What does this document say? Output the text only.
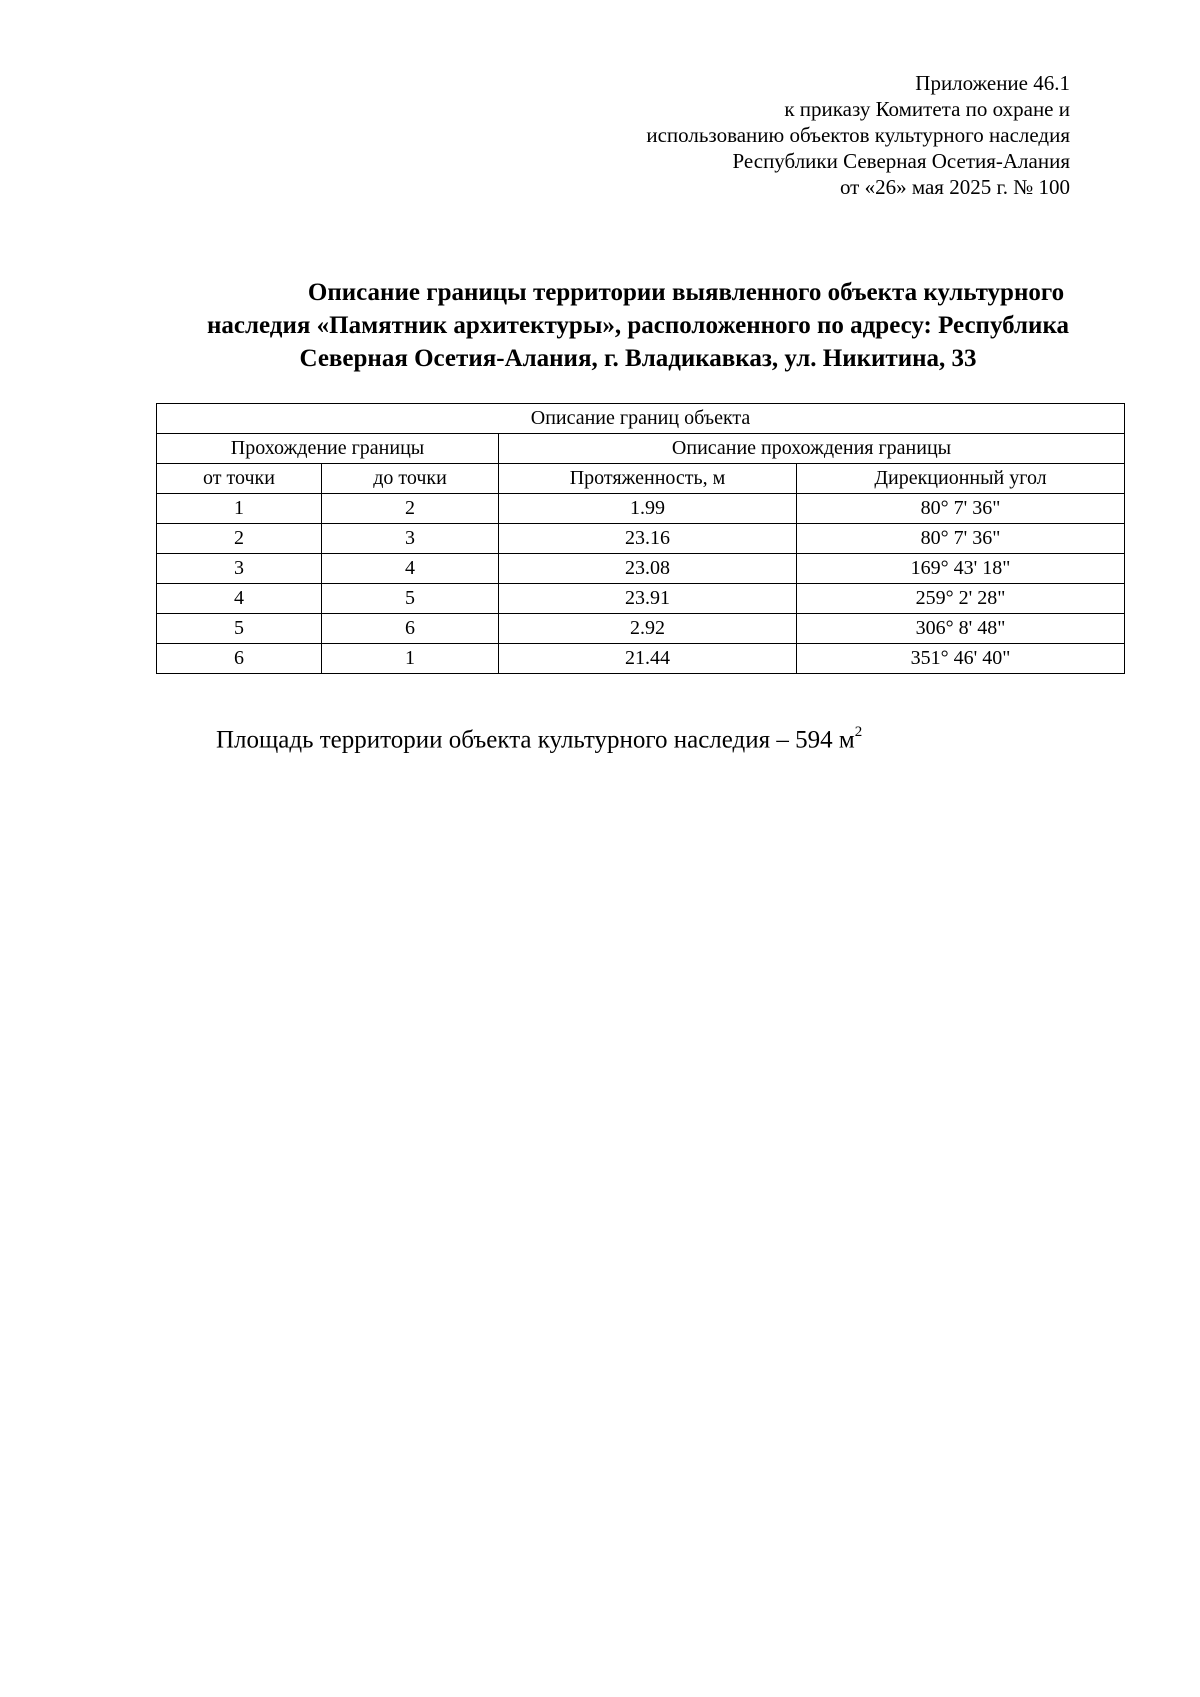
Приложение 46.1
к приказу Комитета по охране и
использованию объектов культурного наследия
Республики Северная Осетия-Алания
от «26» мая 2025 г. № 100
Описание границы территории выявленного объекта культурного
наследия «Памятник архитектуры», расположенного по адресу: Республика
Северная Осетия-Алания, г. Владикавказ, ул. Никитина, 33
Описание границ объекта			
Прохождение границы		Описание прохождения границы	
от точки	до точки	Протяженность, м	Дирекционный угол
1	2	1.99	80° 7' 36"
2	3	23.16	80° 7' 36"
3	4	23.08	169° 43' 18"
4	5	23.91	259° 2' 28"
5	6	2.92	306° 8' 48"
6	1	21.44	351° 46' 40"
Площадь территории объекта культурного наследия – 594 $м^2$
